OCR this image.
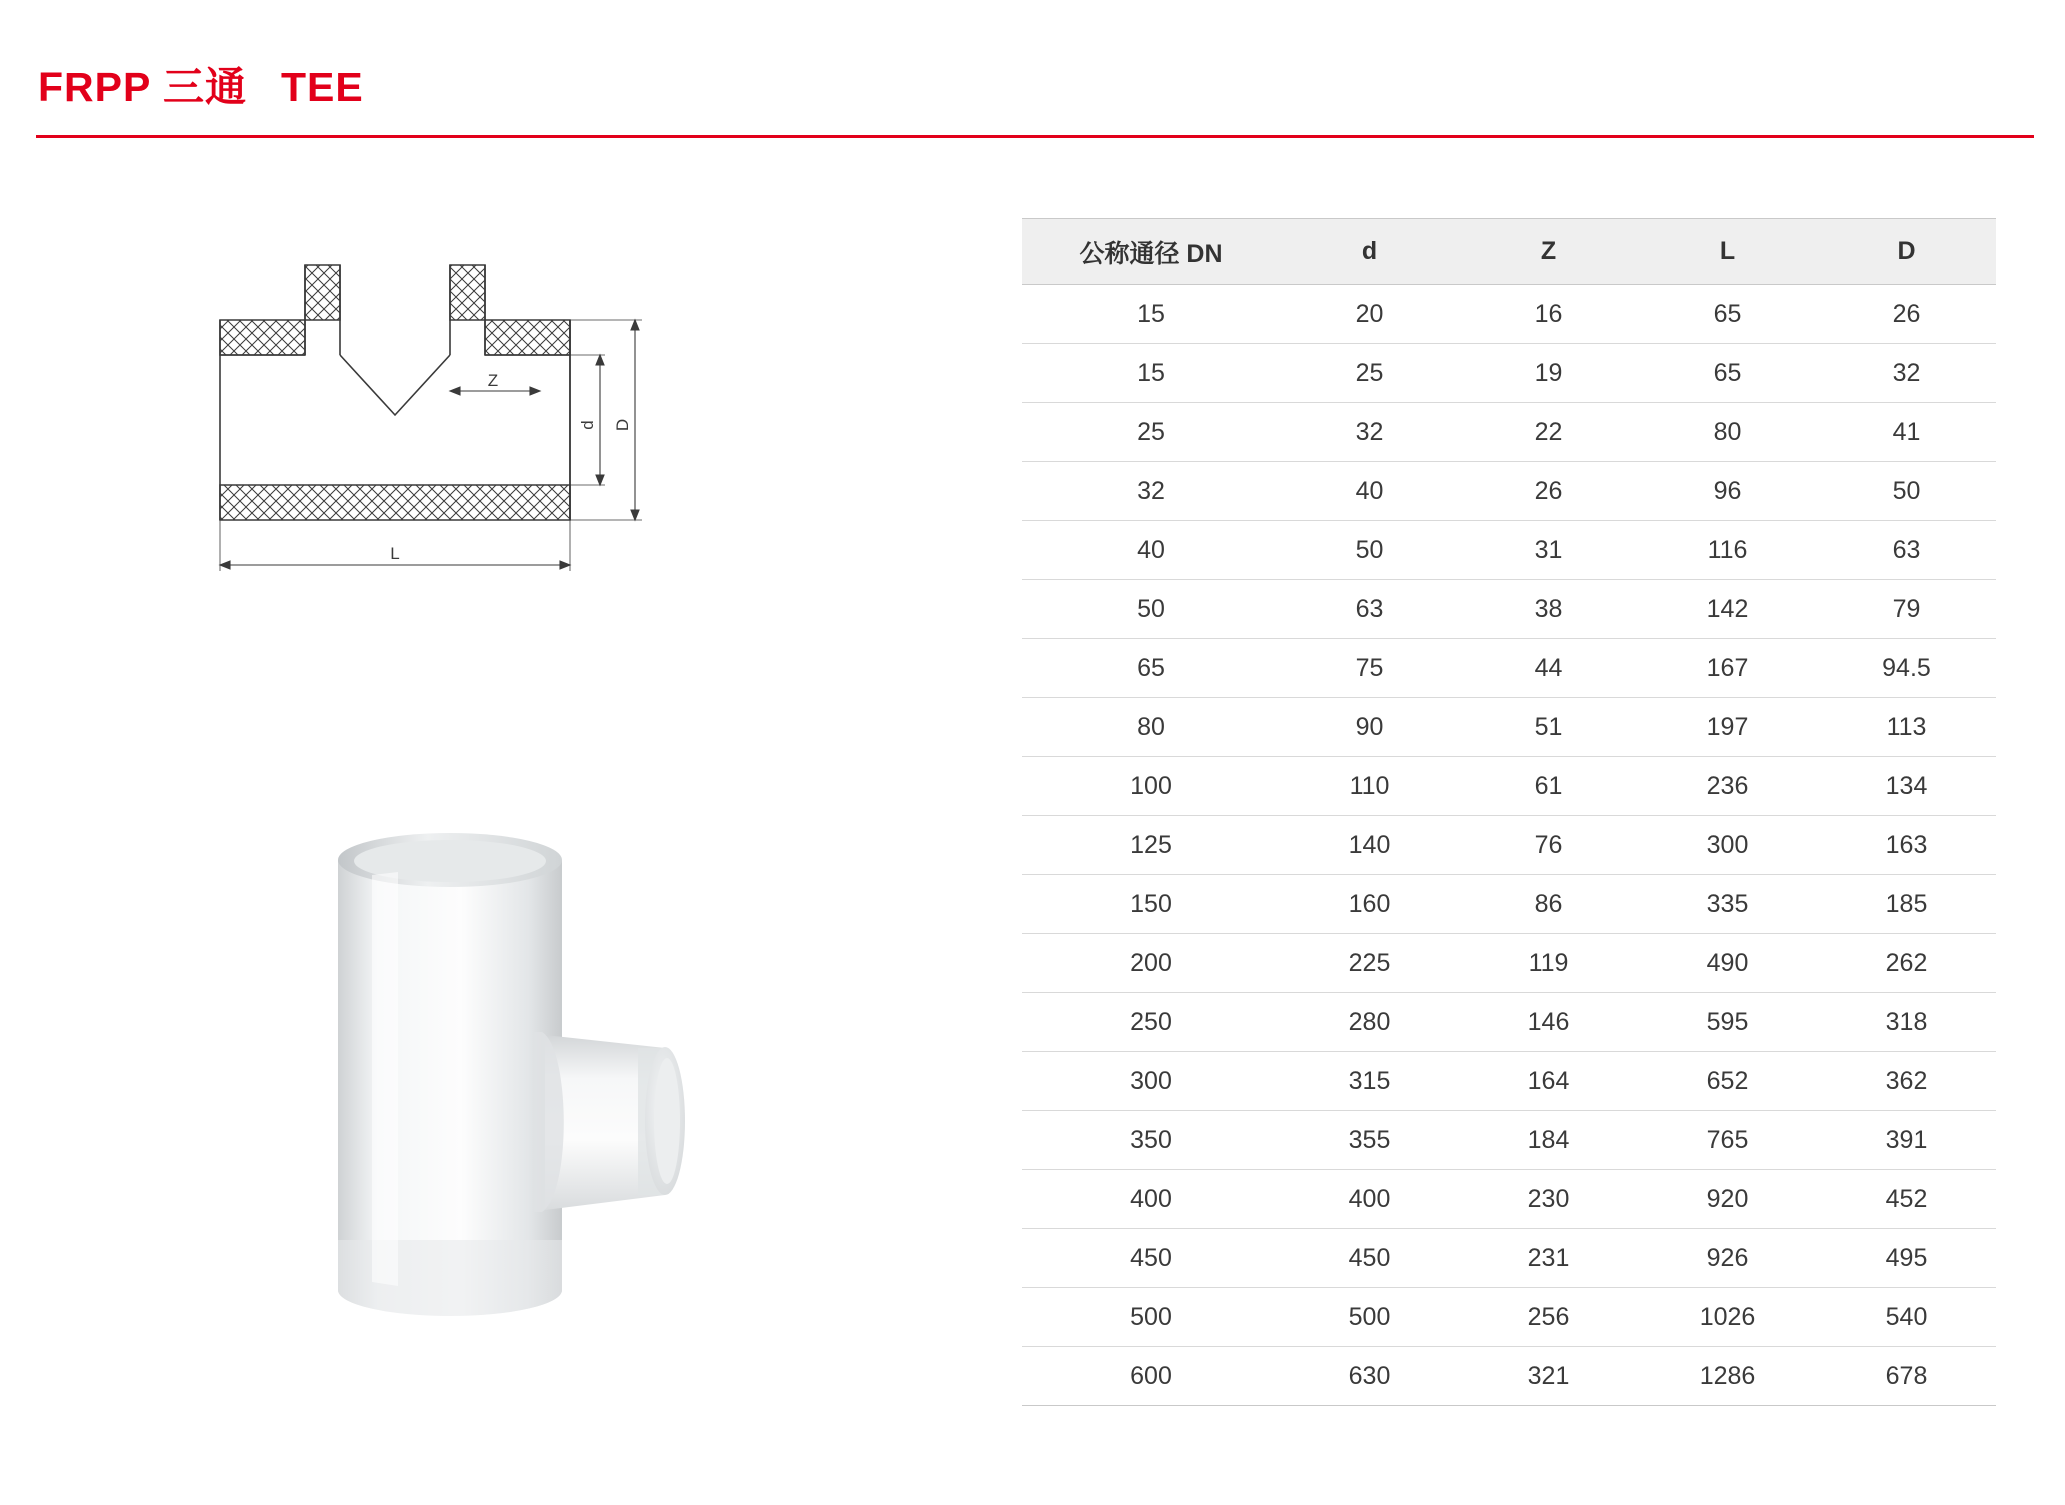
FRPP 三通 TEE
Z
d D
L
公称通径 DN	d	Z	L	D
15	20	16	65	26
15	25	19	65	32
25	32	22	80	41
32	40	26	96	50
40	50	31	116	63
50	63	38	142	79
65	75	44	167	94.5
80	90	51	197	113
100	110	61	236	134
125	140	76	300	163
150	160	86	335	185
200	225	119	490	262
250	280	146	595	318
300	315	164	652	362
350	355	184	765	391
400	400	230	920	452
450	450	231	926	495
500	500	256	1026	540
600	630	321	1286	678
